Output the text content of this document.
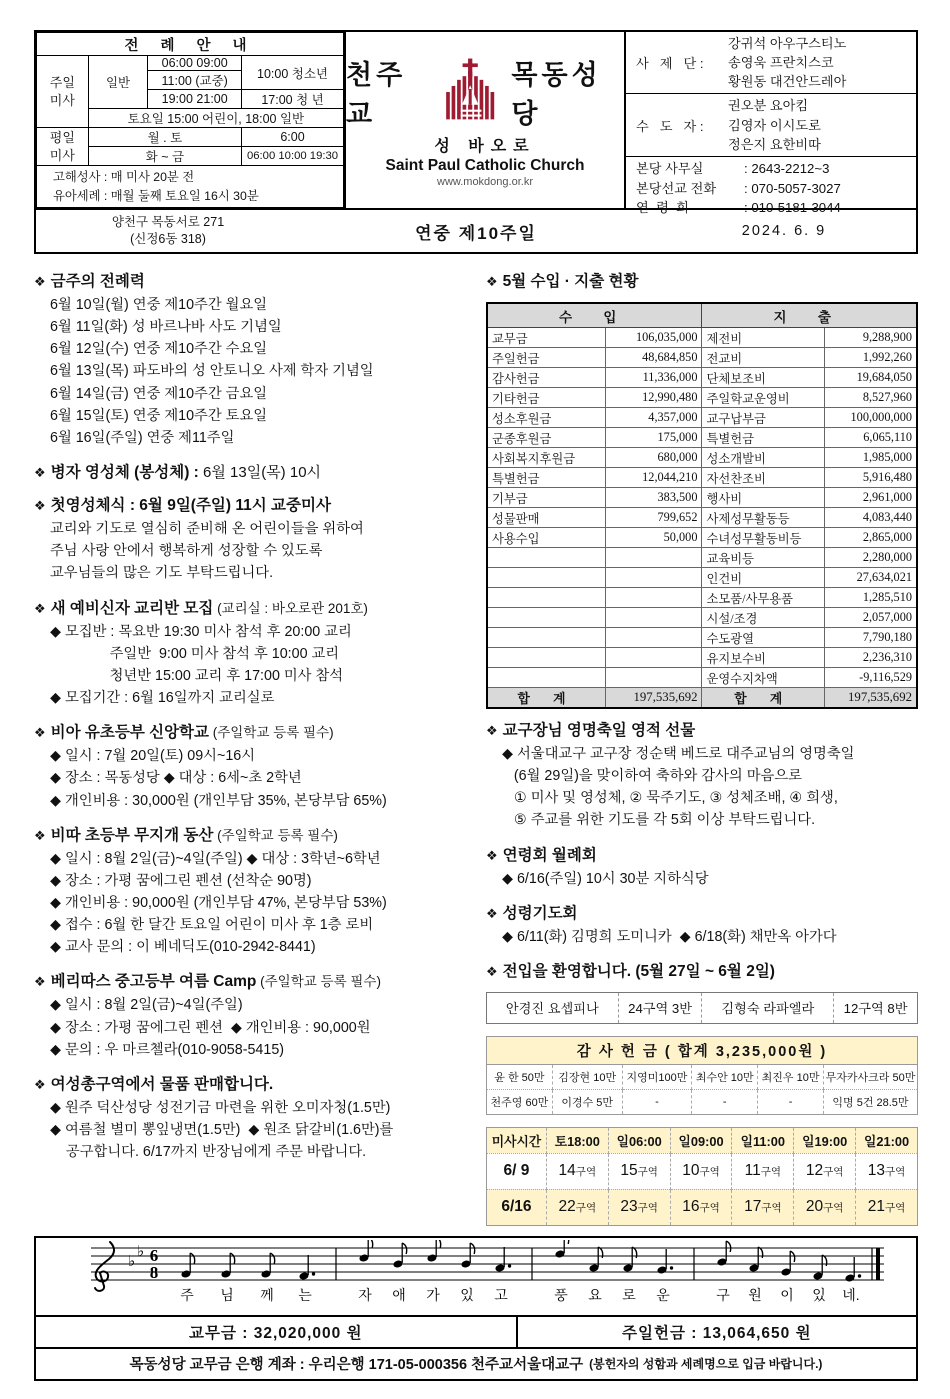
전 례 안 내			
주일
미사	일반	06:00 09:00	10:00 청소년
		11:00 (교중)	
		19:00 21:00	17:00 청 년
	토요일 15:00 어린이, 18:00 일반		
평일
미사	월 . 토		6:00
	화 ~ 금		06:00 10:00 19:30

고해성사 : 매 미사 20분 전
유아세례 : 매월 둘째 토요일 16시 30분			
천주교
목동성당
성 바오로
Saint Paul Catholic Church
www.mokdong.or.kr
사   제   단 :
강귀석 아우구스티노
송영욱 프란치스코
황원동 대건안드레아
수   도   자 :
권오분 요아킴
김영자 이시도로
정은지 요한비따
본당 사무실	: 2643-2212~3
본당선교 전화	: 070-5057-3027
연  령  회	: 010-5181-3044
양천구 목동서로 271
(신정6동 318)	연중 제10주일	2024. 6. 9
❖ 금주의 전례력
6월 10일(월) 연중 제10주간 월요일
6월 11일(화) 성 바르나바 사도 기념일
6월 12일(수) 연중 제10주간 수요일
6월 13일(목) 파도바의 성 안토니오 사제 학자 기념일
6월 14일(금) 연중 제10주간 금요일
6월 15일(토) 연중 제10주간 토요일
6월 16일(주일) 연중 제11주일
❖ 병자 영성체 (봉성체) : 6월 13일(목) 10시
❖ 첫영성체식 : 6월 9일(주일) 11시 교중미사
교리와 기도로 열심히 준비해 온 어린이들을 위하여
주님 사랑 안에서 행복하게 성장할 수 있도록
교우님들의 많은 기도 부탁드립니다.
❖ 새 예비신자 교리반 모집 (교리실 : 바오로관 201호)
◆ 모집반 : 목요반 19:30 미사 참석 후 20:00 교리
주일반  9:00 미사 참석 후 10:00 교리
청년반 15:00 교리 후 17:00 미사 참석
◆ 모집기간 : 6월 16일까지 교리실로
❖ 비아 유초등부 신앙학교 (주일학교 등록 필수)
◆ 일시 : 7월 20일(토) 09시~16시
◆ 장소 : 목동성당 ◆ 대상 : 6세~초 2학년
◆ 개인비용 : 30,000원 (개인부담 35%, 본당부담 65%)
❖ 비따 초등부 무지개 동산 (주일학교 등록 필수)
◆ 일시 : 8월 2일(금)~4일(주일) ◆ 대상 : 3학년~6학년
◆ 장소 : 가평 꿈에그린 펜션 (선착순 90명)
◆ 개인비용 : 90,000원 (개인부담 47%, 본당부담 53%)
◆ 접수 : 6월 한 달간 토요일 어린이 미사 후 1층 로비
◆ 교사 문의 : 이 베네딕도(010-2942-8441)
❖ 베리따스 중고등부 여름 Camp (주일학교 등록 필수)
◆ 일시 : 8월 2일(금)~4일(주일)
◆ 장소 : 가평 꿈에그린 펜션  ◆ 개인비용 : 90,000원
◆ 문의 : 우 마르첼라(010-9058-5415)
❖ 여성총구역에서 물품 판매합니다.
◆ 원주 덕산성당 성전기금 마련을 위한 오미자청(1.5만)
◆ 여름철 별미 뽕잎냉면(1.5만)  ◆ 원조 닭갈비(1.6만)를
공구합니다. 6/17까지 반장님에게 주문 바랍니다.
❖ 5월 수입 · 지출 현황
수 입		지 출	
교무금	106,035,000	제전비	9,288,900
주일헌금	48,684,850	전교비	1,992,260
감사헌금	11,336,000	단체보조비	19,684,050
기타헌금	12,990,480	주일학교운영비	8,527,960
성소후원금	4,357,000	교구납부금	100,000,000
군종후원금	175,000	특별헌금	6,065,110
사회복지후원금	680,000	성소개발비	1,985,000
특별헌금	12,044,210	자선찬조비	5,916,480
기부금	383,500	행사비	2,961,000
성물판매	799,652	사제성무활동등	4,083,440
사용수입	50,000	수녀성무활동비등	2,865,000
		교육비등	2,280,000
		인건비	27,634,021
		소모품/사무용품	1,285,510
		시설/조경	2,057,000
		수도광열	7,790,180
		유지보수비	2,236,310
		운영수지차액	-9,116,529
합 계	197,535,692	합 계	197,535,692
❖ 교구장님 영명축일 영적 선물
◆ 서울대교구 교구장 정순택 베드로 대주교님의 영명축일
(6월 29일)을 맞이하여 축하와 감사의 마음으로
① 미사 및 영성체, ② 묵주기도, ③ 성체조배, ④ 희생,
⑤ 주교를 위한 기도를 각 5회 이상 부탁드립니다.
❖ 연령회 월례회
◆ 6/16(주일) 10시 30분 지하식당
❖ 성령기도회
◆ 6/11(화) 김명희 도미니카  ◆ 6/18(화) 채만옥 아가다
❖ 전입을 환영합니다. (5월 27일 ~ 6월 2일)
안경진 요셉피나	24구역 3반	김형숙 라파엘라	12구역 8반
감 사 헌 금 ( 합계 3,235,000원 )					
윤 한 50만	김장현 10만	지영미100만	최수안 10만	최진우 10만	무자카사크라 50만
천주영 60만	이경수 5만	-	-	-	익명 5건 28.5만
미사시간	토18:00	일06:00	일09:00	일11:00	일19:00	일21:00
6/ 9	14구역	15구역	10구역	11구역	12구역	13구역
6/16	22구역	23구역	16구역	17구역	20구역	21구역
♭
♭ 6
8
주 님 께 는	자 애 가 있 고	풍 요 로 운	구 원 이 있 네.
교무금 : 32,020,000 원	주일헌금 : 13,064,650 원
목동성당 교무금 은행 계좌 : 우리은행 171-05-000356 천주교서울대교구 (봉헌자의 성함과 세례명으로 입금 바랍니다.)
